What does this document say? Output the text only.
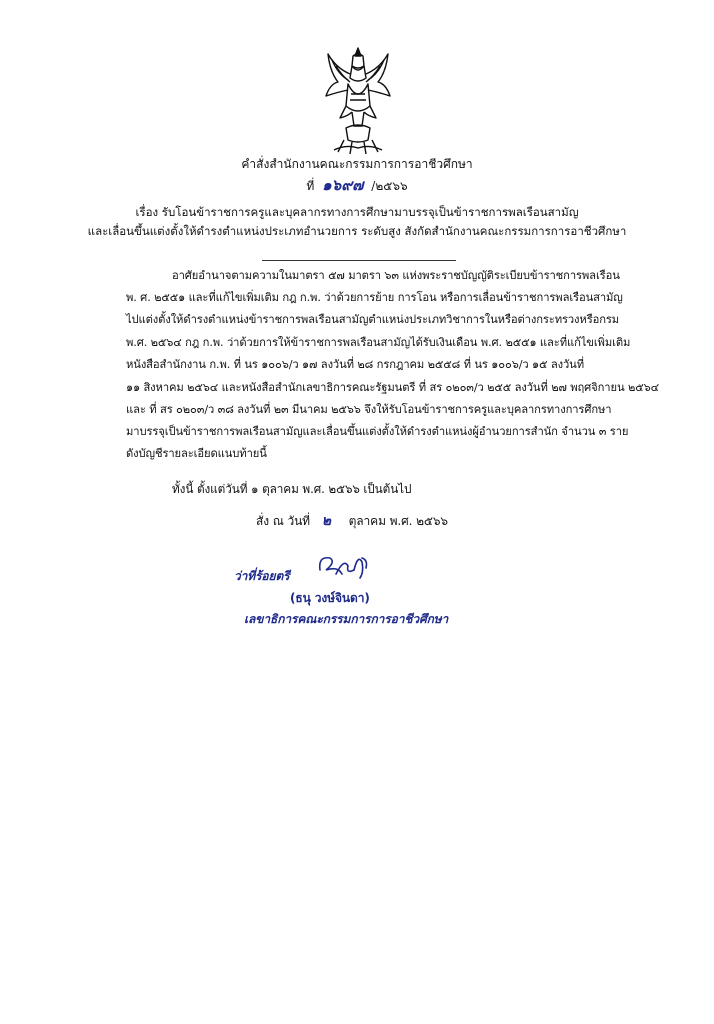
คำสั่งสำนักงานคณะกรรมการการอาชีวศึกษา
ที่ ๑๖๙๗ /๒๕๖๖
เรื่อง รับโอนข้าราชการครูและบุคลากรทางการศึกษามาบรรจุเป็นข้าราชการพลเรือนสามัญ
และเลื่อนขึ้นแต่งตั้งให้ดำรงตำแหน่งประเภทอำนวยการ ระดับสูง สังกัดสำนักงานคณะกรรมการการอาชีวศึกษา
อาศัยอำนาจตามความในมาตรา ๕๗ มาตรา ๖๓ แห่งพระราชบัญญัติระเบียบข้าราชการพลเรือน
พ. ศ. ๒๕๕๑ และที่แก้ไขเพิ่มเติม กฎ ก.พ. ว่าด้วยการย้าย การโอน หรือการเลื่อนข้าราชการพลเรือนสามัญ
ไปแต่งตั้งให้ดำรงตำแหน่งข้าราชการพลเรือนสามัญตำแหน่งประเภทวิชาการในหรือต่างกระทรวงหรือกรม
พ.ศ. ๒๕๖๔ กฎ ก.พ. ว่าด้วยการให้ข้าราชการพลเรือนสามัญได้รับเงินเดือน พ.ศ. ๒๕๕๑ และที่แก้ไขเพิ่มเติม
หนังสือสำนักงาน ก.พ. ที่ นร ๑๐๐๖/ว ๑๗ ลงวันที่ ๒๘ กรกฎาคม ๒๕๕๘ ที่ นร ๑๐๐๖/ว ๑๕ ลงวันที่
๑๑ สิงหาคม ๒๕๖๔ และหนังสือสำนักเลขาธิการคณะรัฐมนตรี ที่ สร ๐๒๐๓/ว ๒๕๕ ลงวันที่ ๒๗ พฤศจิกายน ๒๕๖๔
และ ที่ สร ๐๒๐๓/ว ๓๘ ลงวันที่ ๒๓ มีนาคม ๒๕๖๖ จึงให้รับโอนข้าราชการครูและบุคลากรทางการศึกษา
มาบรรจุเป็นข้าราชการพลเรือนสามัญและเลื่อนขึ้นแต่งตั้งให้ดำรงตำแหน่งผู้อำนวยการสำนัก จำนวน ๓ ราย
ดังบัญชีรายละเอียดแนบท้ายนี้
ทั้งนี้ ตั้งแต่วันที่ ๑ ตุลาคม พ.ศ. ๒๕๖๖ เป็นต้นไป
สั่ง ณ วันที่ ๒ ตุลาคม พ.ศ. ๒๕๖๖
ว่าที่ร้อยตรี
(ธนุ วงษ์จินดา)
เลขาธิการคณะกรรมการการอาชีวศึกษา
